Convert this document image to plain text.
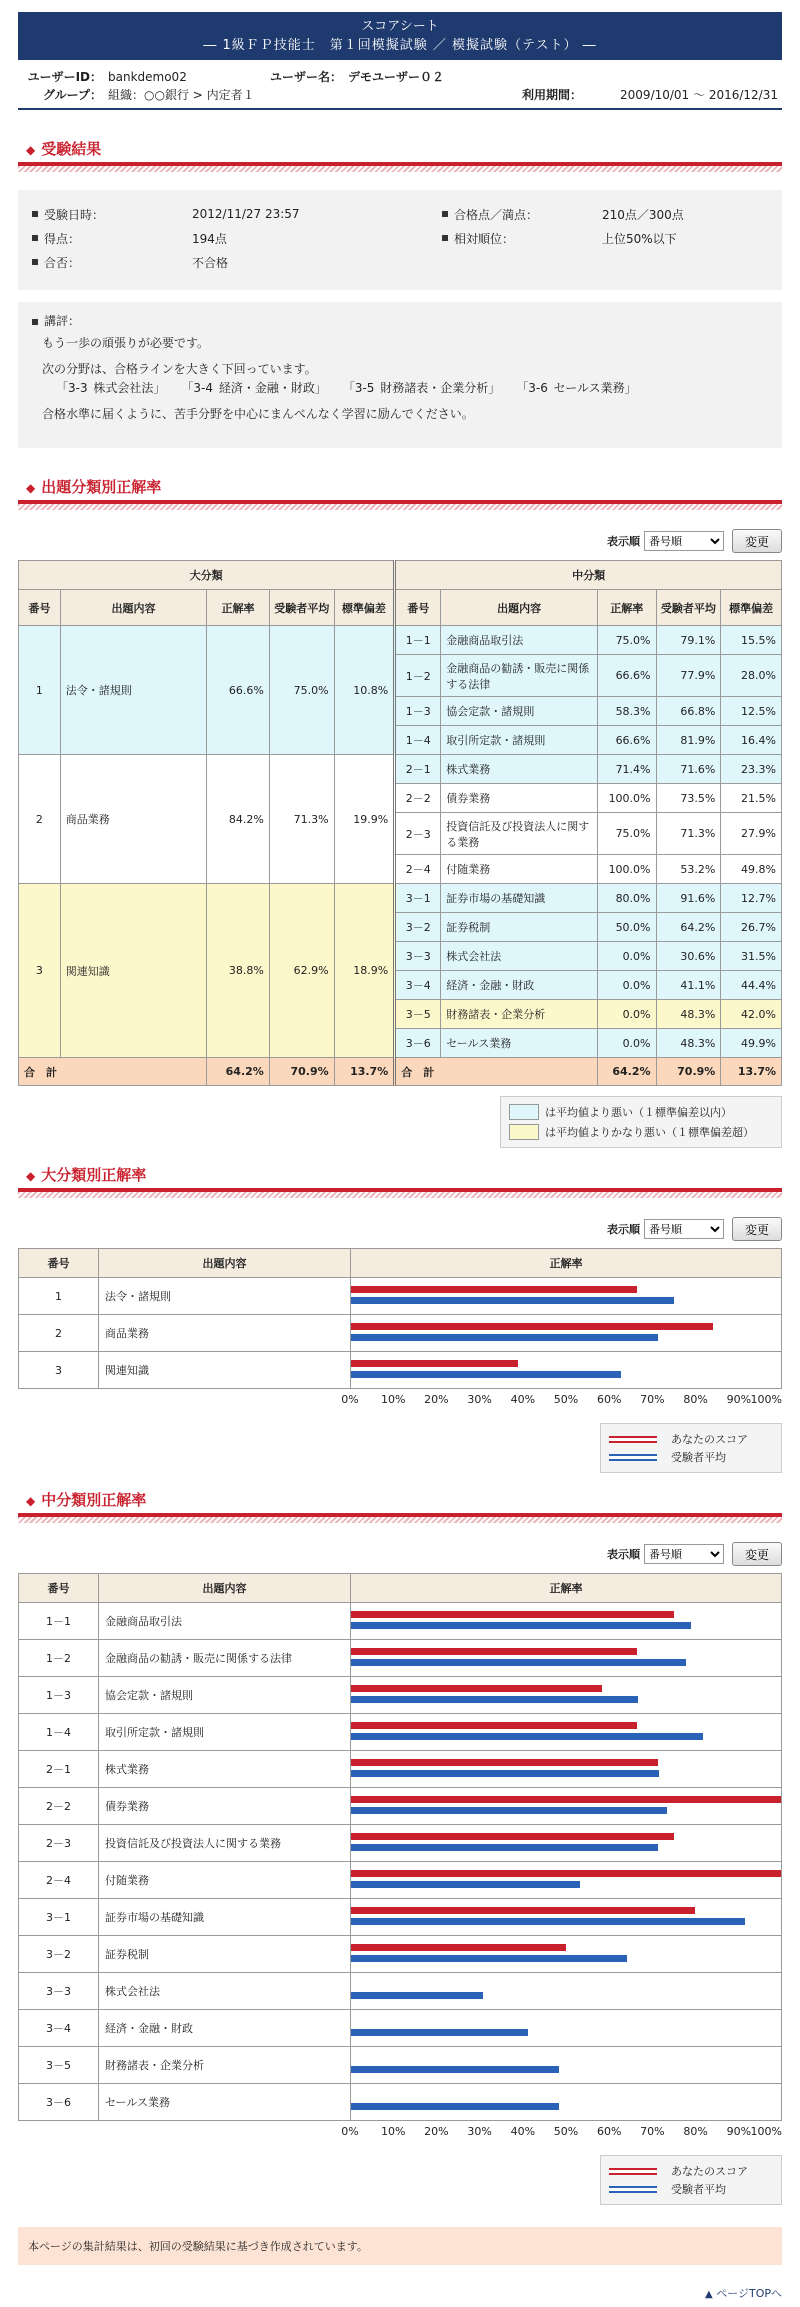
スコアシート
― 1級ＦＰ技能士　第１回模擬試験 ／ 模擬試験（テスト） ―
ユーザーID： bankdemo02	ユーザー名： デモユーザー０２
グループ： 組織：○○銀行 > 内定者１	利用期間：	2009/10/01 ～ 2016/12/31
◆ 受験結果
受験日時：	2012/11/27 23:57	合格点／満点：	210点／300点
得点：	194点	相対順位：	上位50%以下
合否：	不合格
講評：

もう一歩の頑張りが必要です。

次の分野は、合格ラインを大きく下回っています。

「3-3 株式会社法」 「3-4 経済・金融・財政」 「3-5 財務諸表・企業分析」 「3-6 セールス業務」

合格水準に届くように、苦手分野を中心にまんべんなく学習に励んでください。

◆ 出題分類別正解率
表示順
番号順	変更
大分類					中分類				
番号	出題内容	正解率	受験者平均	標準偏差	番号	出題内容	正解率	受験者平均	標準偏差
1	法令・諸規則	66.6%	75.0%	10.8%	1－1	金融商品取引法	75.0%	79.1%	15.5%
					1－2	金融商品の勧誘・販売に関係する法律	66.6%	77.9%	28.0%
					1－3	協会定款・諸規則	58.3%	66.8%	12.5%
					1－4	取引所定款・諸規則	66.6%	81.9%	16.4%
2	商品業務	84.2%	71.3%	19.9%	2－1	株式業務	71.4%	71.6%	23.3%
					2－2	債券業務	100.0%	73.5%	21.5%
					2－3	投資信託及び投資法人に関する業務	75.0%	71.3%	27.9%
					2－4	付随業務	100.0%	53.2%	49.8%
3	関連知識	38.8%	62.9%	18.9%	3－1	証券市場の基礎知識	80.0%	91.6%	12.7%
					3－2	証券税制	50.0%	64.2%	26.7%
					3－3	株式会社法	0.0%	30.6%	31.5%
					3－4	経済・金融・財政	0.0%	41.1%	44.4%
					3－5	財務諸表・企業分析	0.0%	48.3%	42.0%
					3－6	セールス業務	0.0%	48.3%	49.9%
合　計		64.2%	70.9%	13.7%	合　計		64.2%	70.9%	13.7%
は平均値より悪い（１標準偏差以内）
は平均値よりかなり悪い（１標準偏差超）
◆ 大分類別正解率
表示順
番号順	変更
番号	出題内容	正解率
1	法令・諸規則	

2	商品業務	

3	関連知識	
0% 10% 20% 30% 40% 50% 60% 70% 80% 90% 100%
あなたのスコア
受験者平均
◆ 中分類別正解率
表示順
番号順	変更
番号	出題内容	正解率
1－1	金融商品取引法	

1－2	金融商品の勧誘・販売に関係する法律	

1－3	協会定款・諸規則	

1－4	取引所定款・諸規則	

2－1	株式業務	

2－2	債券業務	

2－3	投資信託及び投資法人に関する業務	

2－4	付随業務	

3－1	証券市場の基礎知識	

3－2	証券税制	

3－3	株式会社法	

3－4	経済・金融・財政	

3－5	財務諸表・企業分析	

3－6	セールス業務	
0% 10% 20% 30% 40% 50% 60% 70% 80% 90% 100%
あなたのスコア
受験者平均
本ページの集計結果は、初回の受験結果に基づき作成されています。
▲ ページTOPへ
